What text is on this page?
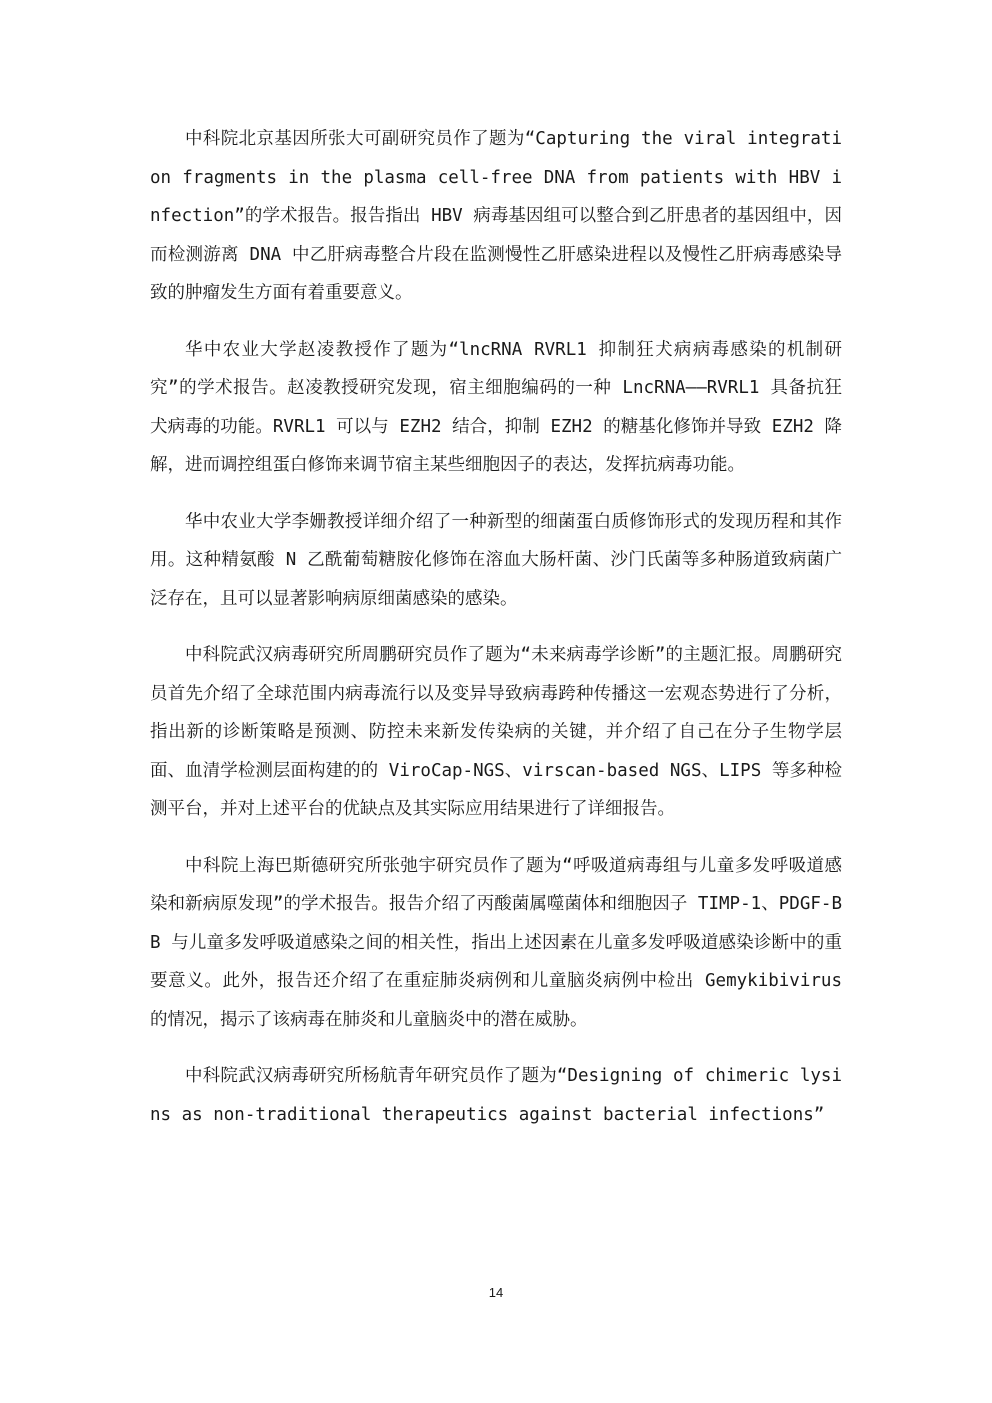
中科院北京基因所张大可副研究员作了题为“Capturing the viral integration fragments in the plasma cell-free DNA from patients with HBV infection”的学术报告。报告指出 HBV 病毒基因组可以整合到乙肝患者的基因组中，因而检测游离 DNA 中乙肝病毒整合片段在监测慢性乙肝感染进程以及慢性乙肝病毒感染导致的肿瘤发生方面有着重要意义。

华中农业大学赵凌教授作了题为“lncRNA RVRL1 抑制狂犬病病毒感染的机制研究”的学术报告。赵凌教授研究发现，宿主细胞编码的一种 LncRNA——RVRL1 具备抗狂犬病毒的功能。RVRL1 可以与 EZH2 结合，抑制 EZH2 的糖基化修饰并导致 EZH2 降解，进而调控组蛋白修饰来调节宿主某些细胞因子的表达，发挥抗病毒功能。

华中农业大学李姗教授详细介绍了一种新型的细菌蛋白质修饰形式的发现历程和其作用。这种精氨酸 N 乙酰葡萄糖胺化修饰在溶血大肠杆菌、沙门氏菌等多种肠道致病菌广泛存在，且可以显著影响病原细菌感染的感染。

中科院武汉病毒研究所周鹏研究员作了题为“未来病毒学诊断”的主题汇报。周鹏研究员首先介绍了全球范围内病毒流行以及变异导致病毒跨种传播这一宏观态势进行了分析，指出新的诊断策略是预测、防控未来新发传染病的关键，并介绍了自己在分子生物学层面、血清学检测层面构建的的 ViroCap-NGS、virscan-based NGS、LIPS 等多种检测平台，并对上述平台的优缺点及其实际应用结果进行了详细报告。

中科院上海巴斯德研究所张弛宇研究员作了题为“呼吸道病毒组与儿童多发呼吸道感染和新病原发现”的学术报告。报告介绍了丙酸菌属噬菌体和细胞因子 TIMP-1、PDGF-BB 与儿童多发呼吸道感染之间的相关性，指出上述因素在儿童多发呼吸道感染诊断中的重要意义。此外，报告还介绍了在重症肺炎病例和儿童脑炎病例中检出 Gemykibivirus 的情况，揭示了该病毒在肺炎和儿童脑炎中的潜在威胁。

中科院武汉病毒研究所杨航青年研究员作了题为“Designing of chimeric lysins as non-traditional therapeutics against bacterial infections”

14
